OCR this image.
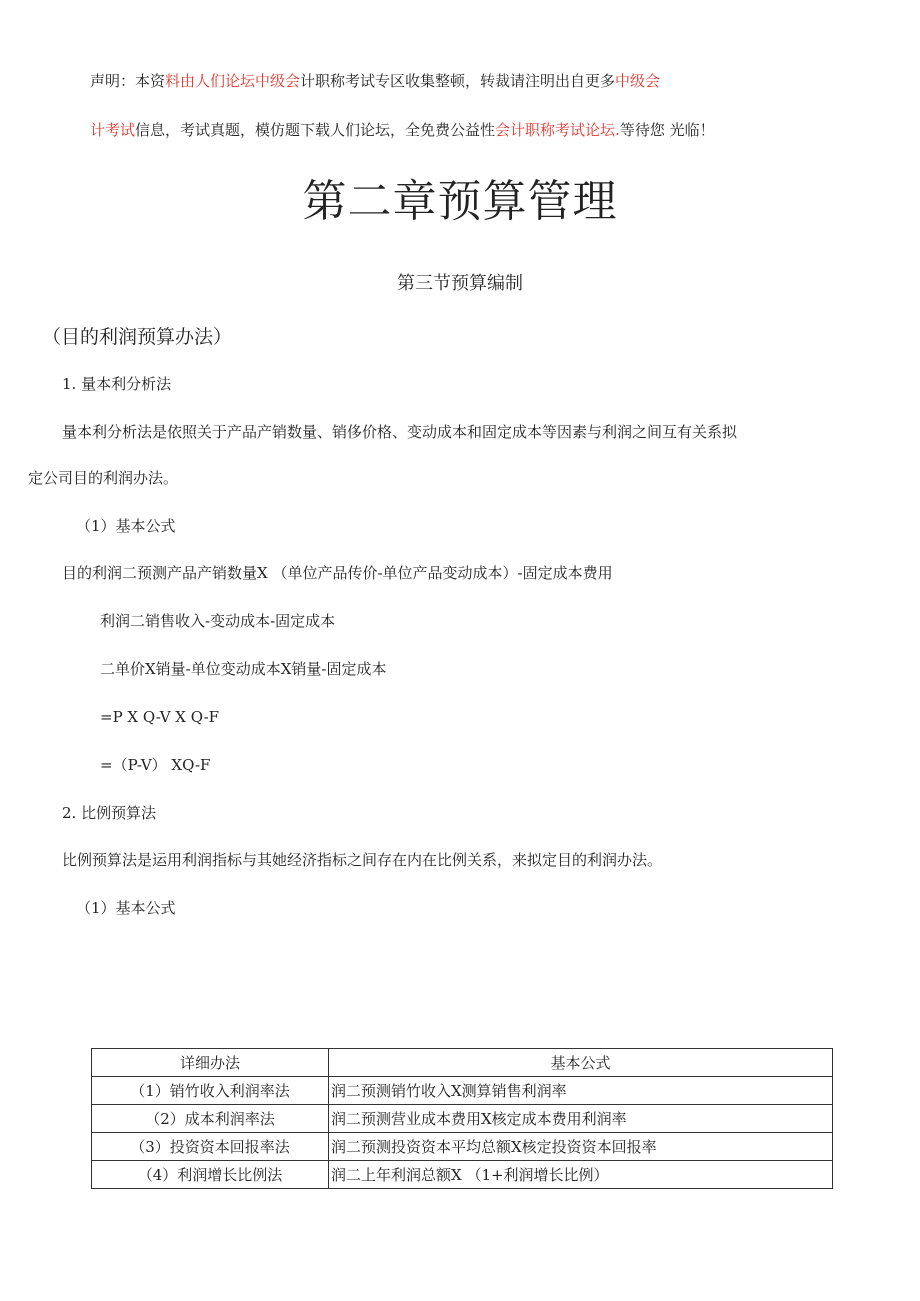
声明：本资料由人们论坛中级会计职称考试专区收集整顿，转裁请注明出自更多中级会
计考试信息，考试真题，模仿题下载人们论坛，全免费公益性会计职称考试论坛.等待您 光临！
第二章预算管理
第三节预算编制
（目的利润预算办法）
1. 量本利分析法
量本利分析法是依照关于产品产销数量、销侈价格、变动成本和固定成本等因素与利润之间互有关系拟
定公司目的利润办法。
（1）基本公式
目的利润二预测产品产销数量X （单位产品传价-单位产品变动成本）-固定成本费用
利润二销售收入-变动成本-固定成本
二单价X销量-单位变动成本X销量-固定成本
=P X Q-V X Q-F
=（P-V） XQ-F
2. 比例预算法
比例预算法是运用利润指标与其她经济指标之间存在内在比例关系，来拟定目的利润办法。
（1）基本公式
详细办法	基本公式
（1）销竹收入利润率法	润二预测销竹收入X测算销售利润率
（2）成本利润率法	润二预测营业成本费用X核定成本费用利润率
（3）投资资本回报率法	润二预测投资资本平均总额X核定投资资本回报率
（4）利润增长比例法	润二上年利润总额X （1+利润增长比例）
